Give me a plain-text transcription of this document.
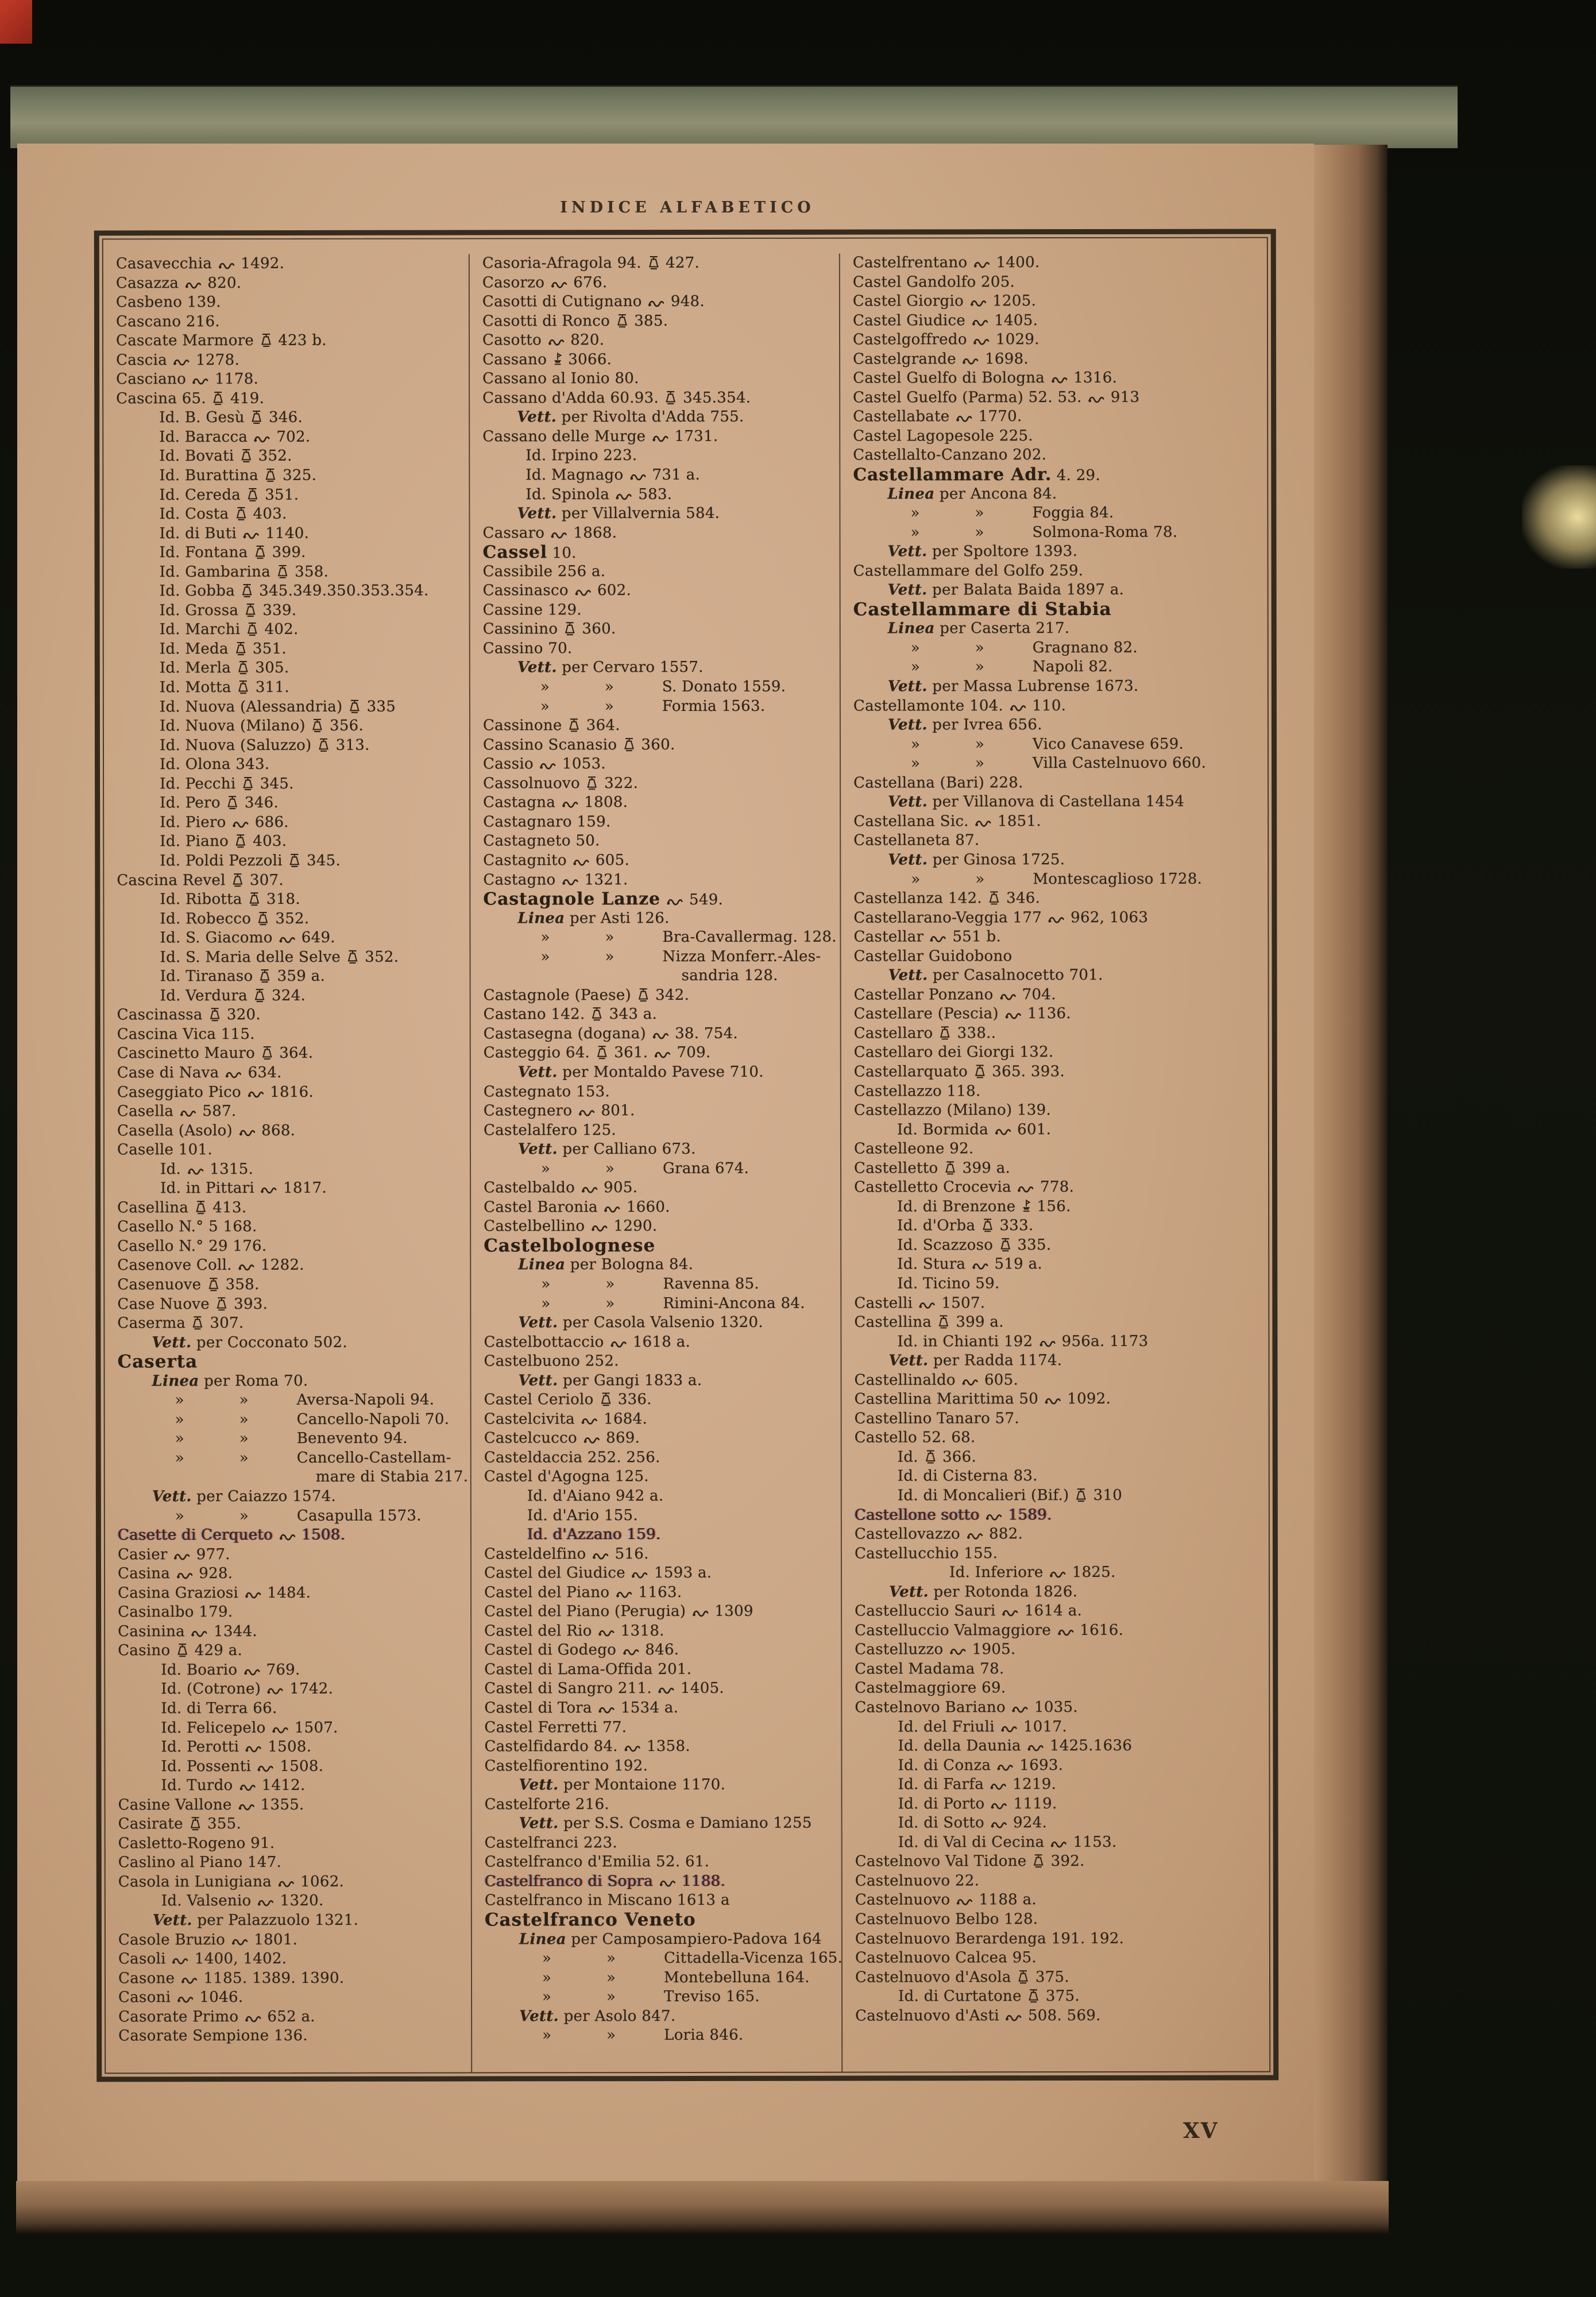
INDICE ALFABETICO
Casavecchia  1492.
Casazza  820.
Casbeno 139.
Cascano 216.
Cascate Marmore  423 b.
Cascia  1278.
Casciano  1178.
Cascina 65.  419.
Id. B. Gesù  346.
Id. Baracca  702.
Id. Bovati  352.
Id. Burattina  325.
Id. Cereda  351.
Id. Costa  403.
Id. di Buti  1140.
Id. Fontana  399.
Id. Gambarina  358.
Id. Gobba  345.349.350.353.354.
Id. Grossa  339.
Id. Marchi  402.
Id. Meda  351.
Id. Merla  305.
Id. Motta  311.
Id. Nuova (Alessandria)  335
Id. Nuova (Milano)  356.
Id. Nuova (Saluzzo)  313.
Id. Olona 343.
Id. Pecchi  345.
Id. Pero  346.
Id. Piero  686.
Id. Piano  403.
Id. Poldi Pezzoli  345.
Cascina Revel  307.
Id. Ribotta  318.
Id. Robecco  352.
Id. S. Giacomo  649.
Id. S. Maria delle Selve  352.
Id. Tiranaso  359 a.
Id. Verdura  324.
Cascinassa  320.
Cascina Vica 115.
Cascinetto Mauro  364.
Case di Nava  634.
Caseggiato Pico  1816.
Casella  587.
Casella (Asolo)  868.
Caselle 101.
Id.  1315.
Id. in Pittari  1817.
Casellina  413.
Casello N.° 5 168.
Casello N.° 29 176.
Casenove Coll.  1282.
Casenuove  358.
Case Nuove  393.
Caserma  307.
Vett. per Cocconato 502.
Caserta
Linea per Roma 70.
»	»	Aversa-Napoli 94.
»	»	Cancello-Napoli 70.
»	»	Benevento 94.
»	»	Cancello-Castellam-
mare di Stabia 217.
Vett. per Caiazzo 1574.
»	»	Casapulla 1573.
Casette di Cerqueto  1508.
Casier  977.
Casina  928.
Casina Graziosi  1484.
Casinalbo 179.
Casinina  1344.
Casino  429 a.
Id. Boario  769.
Id. (Cotrone)  1742.
Id. di Terra 66.
Id. Felicepelo  1507.
Id. Perotti  1508.
Id. Possenti  1508.
Id. Turdo  1412.
Casine Vallone  1355.
Casirate  355.
Casletto-Rogeno 91.
Caslino al Piano 147.
Casola in Lunigiana  1062.
Id. Valsenio  1320.
Vett. per Palazzuolo 1321.
Casole Bruzio  1801.
Casoli  1400, 1402.
Casone  1185. 1389. 1390.
Casoni  1046.
Casorate Primo  652 a.
Casorate Sempione 136.
Casoria-Afragola 94.  427.
Casorzo  676.
Casotti di Cutignano  948.
Casotti di Ronco  385.
Casotto  820.
Cassano  3066.
Cassano al Ionio 80.
Cassano d'Adda 60.93.  345.354.
Vett. per Rivolta d'Adda 755.
Cassano delle Murge  1731.
Id. Irpino 223.
Id. Magnago  731 a.
Id. Spinola  583.
Vett. per Villalvernia 584.
Cassaro  1868.
Cassel 10.
Cassibile 256 a.
Cassinasco  602.
Cassine 129.
Cassinino  360.
Cassino 70.
Vett. per Cervaro 1557.
»	»	S. Donato 1559.
»	»	Formia 1563.
Cassinone  364.
Cassino Scanasio  360.
Cassio  1053.
Cassolnuovo  322.
Castagna  1808.
Castagnaro 159.
Castagneto 50.
Castagnito  605.
Castagno  1321.
Castagnole Lanze  549.
Linea per Asti 126.
»	»	Bra-Cavallermag. 128.
»	»	Nizza Monferr.-Ales-
sandria 128.
Castagnole (Paese)  342.
Castano 142.  343 a.
Castasegna (dogana)  38. 754.
Casteggio 64.  361.  709.
Vett. per Montaldo Pavese 710.
Castegnato 153.
Castegnero  801.
Castelalfero 125.
Vett. per Calliano 673.
»	»	Grana 674.
Castelbaldo  905.
Castel Baronia  1660.
Castelbellino  1290.
Castelbolognese
Linea per Bologna 84.
»	»	Ravenna 85.
»	»	Rimini-Ancona 84.
Vett. per Casola Valsenio 1320.
Castelbottaccio  1618 a.
Castelbuono 252.
Vett. per Gangi 1833 a.
Castel Ceriolo  336.
Castelcivita  1684.
Castelcucco  869.
Casteldaccia 252. 256.
Castel d'Agogna 125.
Id. d'Aiano 942 a.
Id. d'Ario 155.
Id. d'Azzano 159.
Casteldelfino  516.
Castel del Giudice  1593 a.
Castel del Piano  1163.
Castel del Piano (Perugia)  1309
Castel del Rio  1318.
Castel di Godego  846.
Castel di Lama-Offida 201.
Castel di Sangro 211.  1405.
Castel di Tora  1534 a.
Castel Ferretti 77.
Castelfidardo 84.  1358.
Castelfiorentino 192.
Vett. per Montaione 1170.
Castelforte 216.
Vett. per S.S. Cosma e Damiano 1255
Castelfranci 223.
Castelfranco d'Emilia 52. 61.
Castelfranco di Sopra  1188.
Castelfranco in Miscano 1613 a
Castelfranco Veneto
Linea per Camposampiero-Padova 164
»	»	Cittadella-Vicenza 165.
»	»	Montebelluna 164.
»	»	Treviso 165.
Vett. per Asolo 847.
»	»	Loria 846.
Castelfrentano  1400.
Castel Gandolfo 205.
Castel Giorgio  1205.
Castel Giudice  1405.
Castelgoffredo  1029.
Castelgrande  1698.
Castel Guelfo di Bologna  1316.
Castel Guelfo (Parma) 52. 53.  913
Castellabate  1770.
Castel Lagopesole 225.
Castellalto-Canzano 202.
Castellammare Adr. 4. 29.
Linea per Ancona 84.
»	»	Foggia 84.
»	»	Solmona-Roma 78.
Vett. per Spoltore 1393.
Castellammare del Golfo 259.
Vett. per Balata Baida 1897 a.
Castellammare di Stabia
Linea per Caserta 217.
»	»	Gragnano 82.
»	»	Napoli 82.
Vett. per Massa Lubrense 1673.
Castellamonte 104.  110.
Vett. per Ivrea 656.
»	»	Vico Canavese 659.
»	»	Villa Castelnuovo 660.
Castellana (Bari) 228.
Vett. per Villanova di Castellana 1454
Castellana Sic.  1851.
Castellaneta 87.
Vett. per Ginosa 1725.
»	»	Montescaglioso 1728.
Castellanza 142.  346.
Castellarano-Veggia 177  962, 1063
Castellar  551 b.
Castellar Guidobono
Vett. per Casalnocetto 701.
Castellar Ponzano  704.
Castellare (Pescia)  1136.
Castellaro  338..
Castellaro dei Giorgi 132.
Castellarquato  365. 393.
Castellazzo 118.
Castellazzo (Milano) 139.
Id. Bormida  601.
Castelleone 92.
Castelletto  399 a.
Castelletto Crocevia  778.
Id. di Brenzone  156.
Id. d'Orba  333.
Id. Scazzoso  335.
Id. Stura  519 a.
Id. Ticino 59.
Castelli  1507.
Castellina  399 a.
Id. in Chianti 192  956a. 1173
Vett. per Radda 1174.
Castellinaldo  605.
Castellina Marittima 50  1092.
Castellino Tanaro 57.
Castello 52. 68.
Id.  366.
Id. di Cisterna 83.
Id. di Moncalieri (Bif.)  310
Castellone sotto  1589.
Castellovazzo  882.
Castellucchio 155.
Id. Inferiore  1825.
Vett. per Rotonda 1826.
Castelluccio Sauri  1614 a.
Castelluccio Valmaggiore  1616.
Castelluzzo  1905.
Castel Madama 78.
Castelmaggiore 69.
Castelnovo Bariano  1035.
Id. del Friuli  1017.
Id. della Daunia  1425.1636
Id. di Conza  1693.
Id. di Farfa  1219.
Id. di Porto  1119.
Id. di Sotto  924.
Id. di Val di Cecina  1153.
Castelnovo Val Tidone  392.
Castelnuovo 22.
Castelnuovo  1188 a.
Castelnuovo Belbo 128.
Castelnuovo Berardenga 191. 192.
Castelnuovo Calcea 95.
Castelnuovo d'Asola  375.
Id. di Curtatone  375.
Castelnuovo d'Asti  508. 569.
XV
